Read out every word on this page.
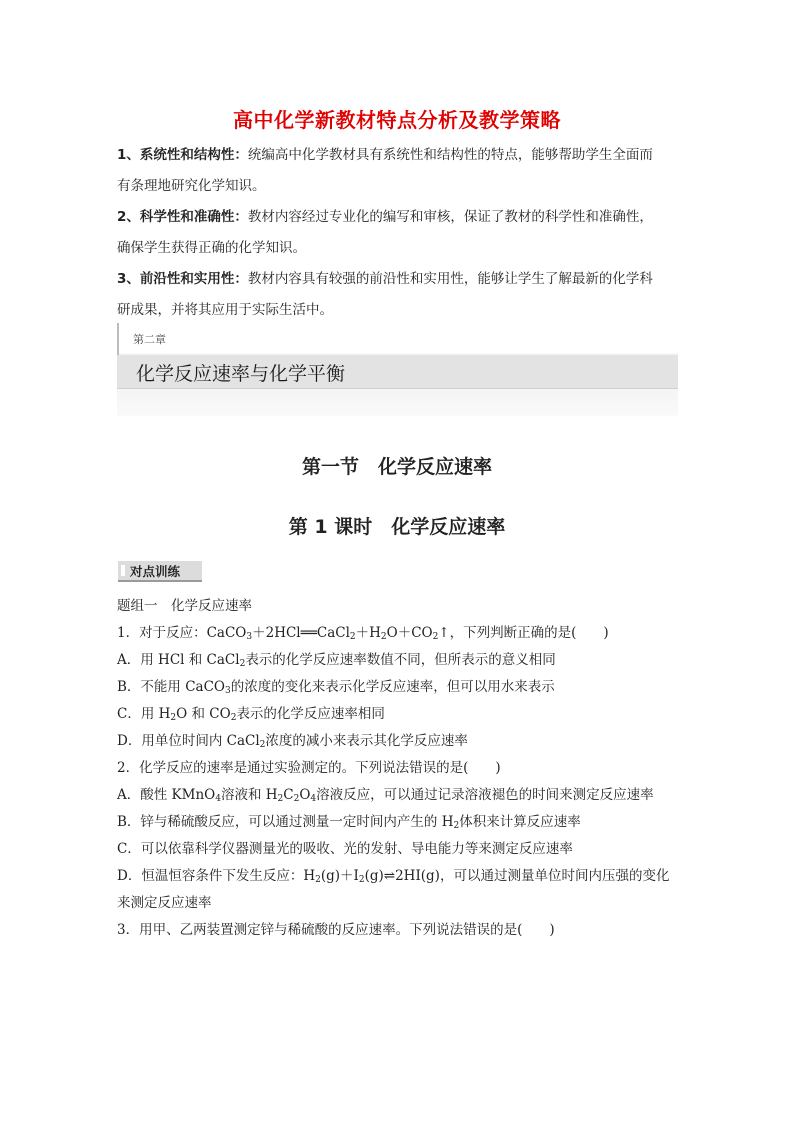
高中化学新教材特点分析及教学策略

1、系统性和结构性：统编高中化学教材具有系统性和结构性的特点，能够帮助学生全面而

有条理地研究化学知识。

2、科学性和准确性：教材内容经过专业化的编写和审核，保证了教材的科学性和准确性，

确保学生获得正确的化学知识。

3、前沿性和实用性：教材内容具有较强的前沿性和实用性，能够让学生了解最新的化学科

研成果，并将其应用于实际生活中。

第二章
化学反应速率与化学平衡
第一节　化学反应速率
第 1 课时　化学反应速率
对点训练

题组一　化学反应速率

1．对于反应：$CaCO_3+2HCl══CaCl_2+H_2O+CO_2↑$，下列判断正确的是(　　)

A．用 HCl 和 CaCl$_2$表示的化学反应速率数值不同，但所表示的意义相同

B．不能用 CaCO$_3$的浓度的变化来表示化学反应速率，但可以用水来表示

C．用 $H_2O$ 和 $CO_2$表示的化学反应速率相同

D．用单位时间内 CaCl$_2$浓度的减小来表示其化学反应速率

2．化学反应的速率是通过实验测定的。下列说法错误的是(　　)

A．酸性 KMnO$_4$溶液和 $H_2C_2O_4$溶液反应，可以通过记录溶液褪色的时间来测定反应速率

B．锌与稀硫酸反应，可以通过测量一定时间内产生的 $H_2$体积来计算反应速率

C．可以依靠科学仪器测量光的吸收、光的发射、导电能力等来测定反应速率

D．恒温恒容条件下发生反应：$H_2(g)+I_2(g)\rightleftharpoons 2HI(g)$，可以通过测量单位时间内压强的变化

来测定反应速率

3．用甲、乙两装置测定锌与稀硫酸的反应速率。下列说法错误的是(　　)
